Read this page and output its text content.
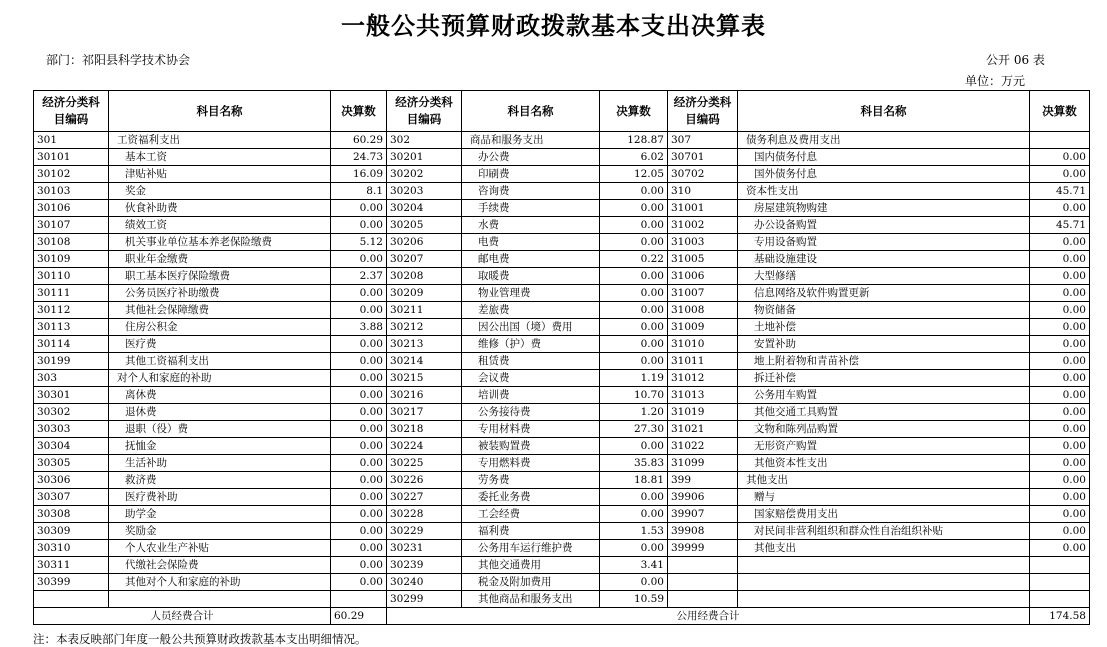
一般公共预算财政拨款基本支出决算表
部门：祁阳县科学技术协会	公开 06 表
单位：万元
经济分类科目编码	科目名称	决算数	经济分类科目编码	科目名称	决算数	经济分类科目编码	科目名称	决算数
301	工资福利支出	60.29	302	商品和服务支出	128.87	307	债务利息及费用支出	
30101	基本工资	24.73	30201	办公费	6.02	30701	国内债务付息	0.00
30102	津贴补贴	16.09	30202	印刷费	12.05	30702	国外债务付息	0.00
30103	奖金	8.1	30203	咨询费	0.00	310	资本性支出	45.71
30106	伙食补助费	0.00	30204	手续费	0.00	31001	房屋建筑物购建	0.00
30107	绩效工资	0.00	30205	水费	0.00	31002	办公设备购置	45.71
30108	机关事业单位基本养老保险缴费	5.12	30206	电费	0.00	31003	专用设备购置	0.00
30109	职业年金缴费	0.00	30207	邮电费	0.22	31005	基础设施建设	0.00
30110	职工基本医疗保险缴费	2.37	30208	取暖费	0.00	31006	大型修缮	0.00
30111	公务员医疗补助缴费	0.00	30209	物业管理费	0.00	31007	信息网络及软件购置更新	0.00
30112	其他社会保障缴费	0.00	30211	差旅费	0.00	31008	物资储备	0.00
30113	住房公积金	3.88	30212	因公出国（境）费用	0.00	31009	土地补偿	0.00
30114	医疗费	0.00	30213	维修（护）费	0.00	31010	安置补助	0.00
30199	其他工资福利支出	0.00	30214	租赁费	0.00	31011	地上附着物和青苗补偿	0.00
303	对个人和家庭的补助	0.00	30215	会议费	1.19	31012	拆迁补偿	0.00
30301	离休费	0.00	30216	培训费	10.70	31013	公务用车购置	0.00
30302	退休费	0.00	30217	公务接待费	1.20	31019	其他交通工具购置	0.00
30303	退职（役）费	0.00	30218	专用材料费	27.30	31021	文物和陈列品购置	0.00
30304	抚恤金	0.00	30224	被装购置费	0.00	31022	无形资产购置	0.00
30305	生活补助	0.00	30225	专用燃料费	35.83	31099	其他资本性支出	0.00
30306	救济费	0.00	30226	劳务费	18.81	399	其他支出	0.00
30307	医疗费补助	0.00	30227	委托业务费	0.00	39906	赠与	0.00
30308	助学金	0.00	30228	工会经费	0.00	39907	国家赔偿费用支出	0.00
30309	奖励金	0.00	30229	福利费	1.53	39908	对民间非营利组织和群众性自治组织补贴	0.00
30310	个人农业生产补贴	0.00	30231	公务用车运行维护费	0.00	39999	其他支出	0.00
30311	代缴社会保险费	0.00	30239	其他交通费用	3.41			
30399	其他对个人和家庭的补助	0.00	30240	税金及附加费用	0.00			
			30299	其他商品和服务支出	10.59			
人员经费合计		60.29	公用经费合计					174.58
注：本表反映部门年度一般公共预算财政拨款基本支出明细情况。
